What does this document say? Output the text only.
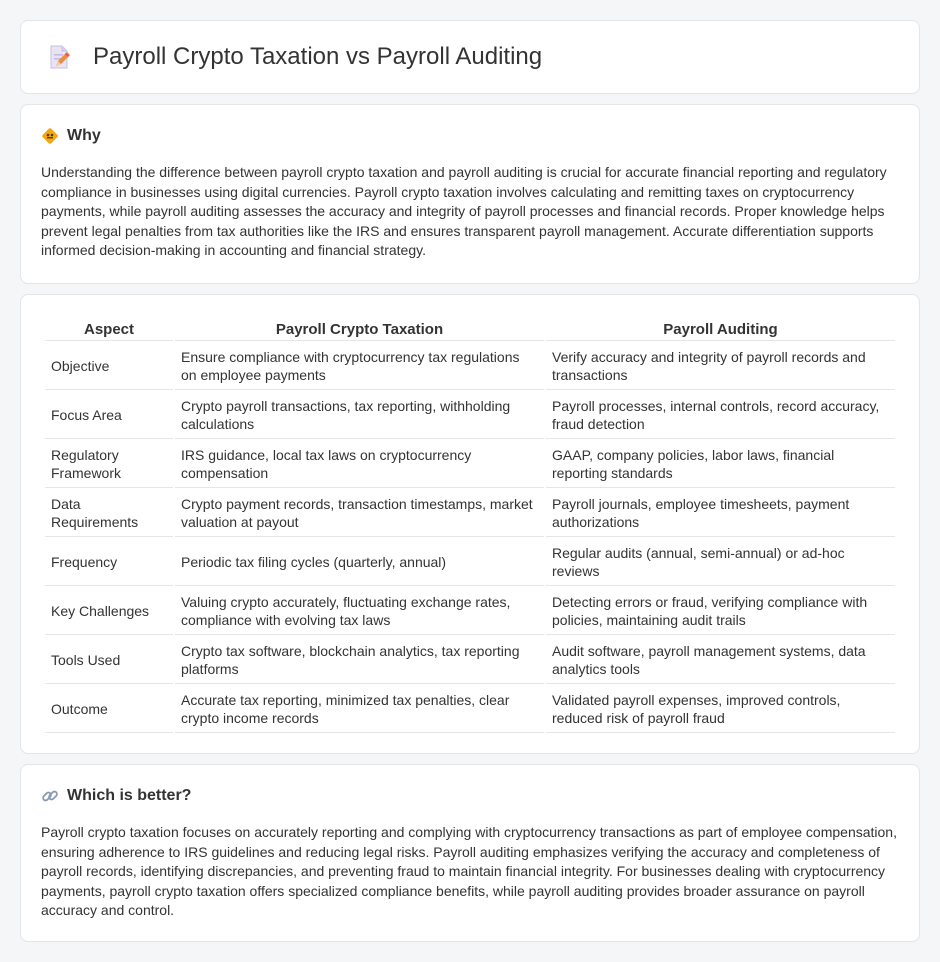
Payroll Crypto Taxation vs Payroll Auditing
Why

Understanding the difference between payroll crypto taxation and payroll auditing is crucial for accurate financial reporting and regulatory compliance in businesses using digital currencies. Payroll crypto taxation involves calculating and remitting taxes on cryptocurrency payments, while payroll auditing assesses the accuracy and integrity of payroll processes and financial records. Proper knowledge helps prevent legal penalties from tax authorities like the IRS and ensures transparent payroll management. Accurate differentiation supports informed decision-making in accounting and financial strategy.

Aspect	Payroll Crypto Taxation	Payroll Auditing
Objective	Ensure compliance with cryptocurrency tax regulations on employee payments	Verify accuracy and integrity of payroll records and transactions
Focus Area	Crypto payroll transactions, tax reporting, withholding calculations	Payroll processes, internal controls, record accuracy, fraud detection
Regulatory Framework	IRS guidance, local tax laws on cryptocurrency compensation	GAAP, company policies, labor laws, financial reporting standards
Data Requirements	Crypto payment records, transaction timestamps, market valuation at payout	Payroll journals, employee timesheets, payment authorizations
Frequency	Periodic tax filing cycles (quarterly, annual)	Regular audits (annual, semi-annual) or ad-hoc reviews
Key Challenges	Valuing crypto accurately, fluctuating exchange rates, compliance with evolving tax laws	Detecting errors or fraud, verifying compliance with policies, maintaining audit trails
Tools Used	Crypto tax software, blockchain analytics, tax reporting platforms	Audit software, payroll management systems, data analytics tools
Outcome	Accurate tax reporting, minimized tax penalties, clear crypto income records	Validated payroll expenses, improved controls, reduced risk of payroll fraud
Which is better?

Payroll crypto taxation focuses on accurately reporting and complying with cryptocurrency transactions as part of employee compensation, ensuring adherence to IRS guidelines and reducing legal risks. Payroll auditing emphasizes verifying the accuracy and completeness of payroll records, identifying discrepancies, and preventing fraud to maintain financial integrity. For businesses dealing with cryptocurrency payments, payroll crypto taxation offers specialized compliance benefits, while payroll auditing provides broader assurance on payroll accuracy and control.
